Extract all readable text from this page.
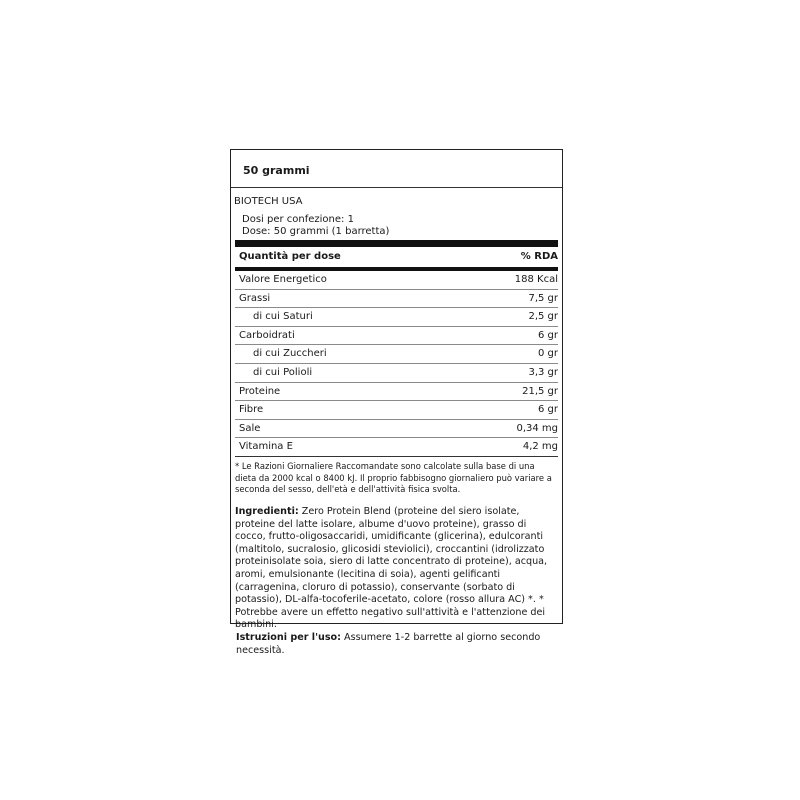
50 grammi
BIOTECH USA
Dosi per confezione: 1
Dose: 50 grammi (1 barretta)
Quantità per dose	% RDA
Valore Energetico	188 Kcal
Grassi	7,5 gr
di cui Saturi	2,5 gr
Carboidrati	6 gr
di cui Zuccheri	0 gr
di cui Polioli	3,3 gr
Proteine	21,5 gr
Fibre	6 gr
Sale	0,34 mg
Vitamina E	4,2 mg
* Le Razioni Giornaliere Raccomandate sono calcolate sulla base di una dieta da 2000 kcal o 8400 kJ. Il proprio fabbisogno giornaliero può variare a seconda del sesso, dell'età e dell'attività fisica svolta.
Ingredienti: Zero Protein Blend (proteine del siero isolate, proteine del latte isolare, albume d'uovo proteine), grasso di cocco, frutto-oligosaccaridi, umidificante (glicerina), edulcoranti (maltitolo, sucralosio, glicosidi steviolici), croccantini (idrolizzato proteinisolate soia, siero di latte concentrato di proteine), acqua, aromi, emulsionante (lecitina di soia), agenti gelificanti (carragenina, cloruro di potassio), conservante (sorbato di potassio), DL-alfa-tocoferile-acetato, colore (rosso allura AC) *. * Potrebbe avere un effetto negativo sull'attività e l'attenzione dei bambini.
Istruzioni per l'uso: Assumere 1-2 barrette al giorno secondo necessità.
